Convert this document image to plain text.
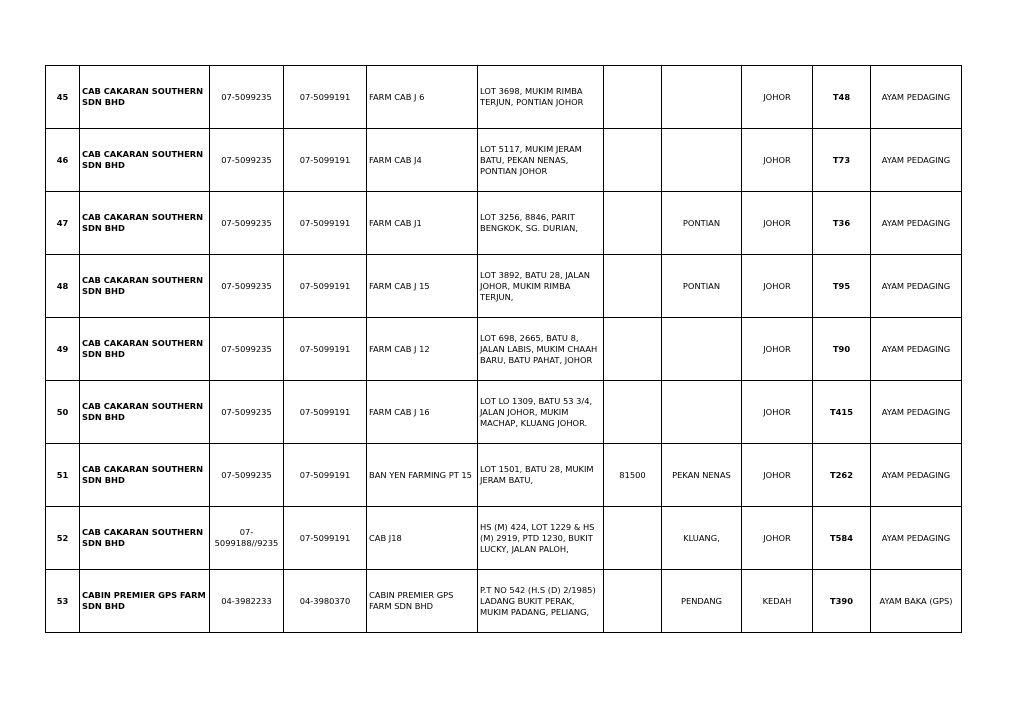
45	CAB CAKARAN SOUTHERN SDN BHD	07-5099235	07-5099191	FARM CAB J 6	LOT 3698, MUKIM RIMBA TERJUN, PONTIAN JOHOR			JOHOR	T48	AYAM PEDAGING
46	CAB CAKARAN SOUTHERN SDN BHD	07-5099235	07-5099191	FARM CAB J4	LOT 5117, MUKIM JERAM BATU, PEKAN NENAS, PONTIAN JOHOR			JOHOR	T73	AYAM PEDAGING
47	CAB CAKARAN SOUTHERN SDN BHD	07-5099235	07-5099191	FARM CAB J1	LOT 3256, 8846, PARIT BENGKOK, SG. DURIAN,		PONTIAN	JOHOR	T36	AYAM PEDAGING
48	CAB CAKARAN SOUTHERN SDN BHD	07-5099235	07-5099191	FARM CAB J 15	LOT 3892, BATU 28, JALAN JOHOR, MUKIM RIMBA TERJUN,		PONTIAN	JOHOR	T95	AYAM PEDAGING
49	CAB CAKARAN SOUTHERN SDN BHD	07-5099235	07-5099191	FARM CAB J 12	LOT 698, 2665, BATU 8, JALAN LABIS, MUKIM CHAAH BARU, BATU PAHAT, JOHOR			JOHOR	T90	AYAM PEDAGING
50	CAB CAKARAN SOUTHERN SDN BHD	07-5099235	07-5099191	FARM CAB J 16	LOT LO 1309, BATU 53 3/4, JALAN JOHOR, MUKIM MACHAP, KLUANG JOHOR.			JOHOR	T415	AYAM PEDAGING
51	CAB CAKARAN SOUTHERN SDN BHD	07-5099235	07-5099191	BAN YEN FARMING PT 15	LOT 1501, BATU 28, MUKIM JERAM BATU,	81500	PEKAN NENAS	JOHOR	T262	AYAM PEDAGING
52	CAB CAKARAN SOUTHERN SDN BHD	07-5099188//9235	07-5099191	CAB J18	HS (M) 424, LOT 1229 & HS (M) 2919, PTD 1230, BUKIT LUCKY, JALAN PALOH,		KLUANG,	JOHOR	T584	AYAM PEDAGING
53	CABIN PREMIER GPS FARM SDN BHD	04-3982233	04-3980370	CABIN PREMIER GPS FARM SDN BHD	P.T NO 542 (H.S (D) 2/1985) LADANG BUKIT PERAK, MUKIM PADANG, PELIANG,		PENDANG	KEDAH	T390	AYAM BAKA (GPS)
